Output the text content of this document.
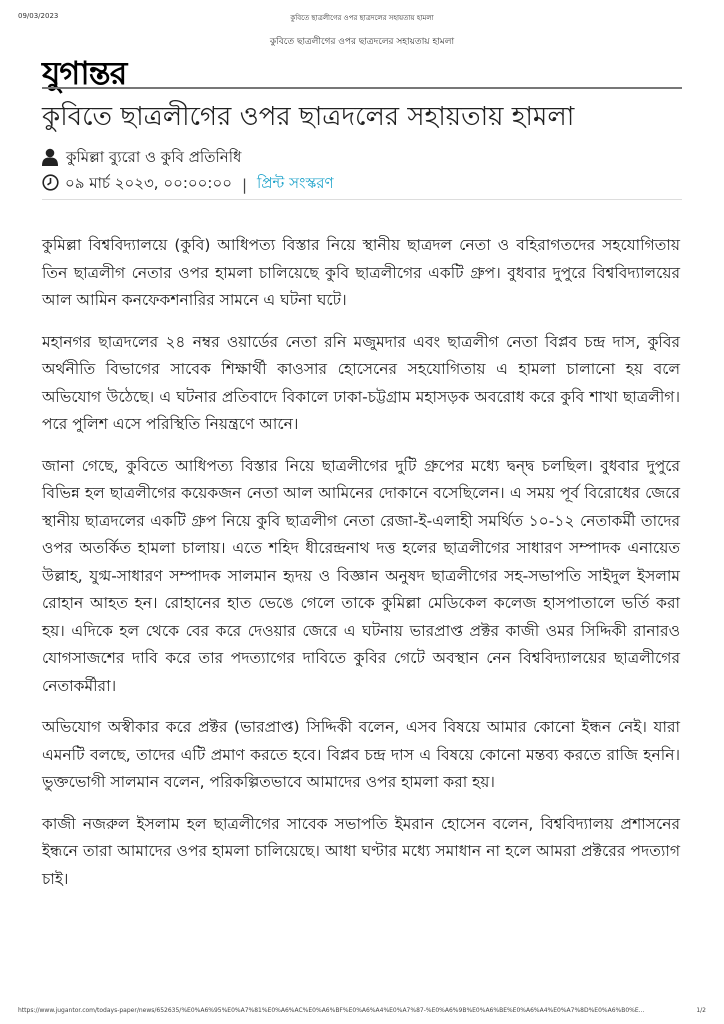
09/03/2023	কুবিতে ছাত্রলীগের ওপর ছাত্রদলের সহায়তায় হামলা
কুবিতে ছাত্রলীগের ওপর ছাত্রদলের সহায়তায় হামলা
যুগান্তর
কুবিতে ছাত্রলীগের ওপর ছাত্রদলের সহায়তায় হামলা
কুমিল্লা ব্যুরো ও কুবি প্রতিনিধি
০৯ মার্চ ২০২৩, ০০:০০:০০ | প্রিন্ট সংস্করণ

কুমিল্লা বিশ্ববিদ্যালয়ে (কুবি) আধিপত্য বিস্তার নিয়ে স্থানীয় ছাত্রদল নেতা ও বহিরাগতদের সহযোগিতায় তিন ছাত্রলীগ নেতার ওপর হামলা চালিয়েছে কুবি ছাত্রলীগের একটি গ্রুপ। বুধবার দুপুরে বিশ্ববিদ্যালয়ের আল আমিন কনফেকশনারির সামনে এ ঘটনা ঘটে।

মহানগর ছাত্রদলের ২৪ নম্বর ওয়ার্ডের নেতা রনি মজুমদার এবং ছাত্রলীগ নেতা বিপ্লব চন্দ্র দাস, কুবির অর্থনীতি বিভাগের সাবেক শিক্ষার্থী কাওসার হোসেনের সহযোগিতায় এ হামলা চালানো হয় বলে অভিযোগ উঠেছে। এ ঘটনার প্রতিবাদে বিকালে ঢাকা-চট্টগ্রাম মহাসড়ক অবরোধ করে কুবি শাখা ছাত্রলীগ। পরে পুলিশ এসে পরিস্থিতি নিয়ন্ত্রণে আনে।

জানা গেছে, কুবিতে আধিপত্য বিস্তার নিয়ে ছাত্রলীগের দুটি গ্রুপের মধ্যে দ্বন্দ্ব চলছিল। বুধবার দুপুরে বিভিন্ন হল ছাত্রলীগের কয়েকজন নেতা আল আমিনের দোকানে বসেছিলেন। এ সময় পূর্ব বিরোধের জেরে স্থানীয় ছাত্রদলের একটি গ্রুপ নিয়ে কুবি ছাত্রলীগ নেতা রেজা-ই-এলাহী সমর্থিত ১০-১২ নেতাকর্মী তাদের ওপর অতর্কিত হামলা চালায়। এতে শহিদ ধীরেন্দ্রনাথ দত্ত হলের ছাত্রলীগের সাধারণ সম্পাদক এনায়েত উল্লাহ, যুগ্ম-সাধারণ সম্পাদক সালমান হৃদয় ও বিজ্ঞান অনুষদ ছাত্রলীগের সহ-সভাপতি সাইদুল ইসলাম রোহান আহত হন। রোহানের হাত ভেঙে গেলে তাকে কুমিল্লা মেডিকেল কলেজ হাসপাতালে ভর্তি করা হয়। এদিকে হল থেকে বের করে দেওয়ার জেরে এ ঘটনায় ভারপ্রাপ্ত প্রক্টর কাজী ওমর সিদ্দিকী রানারও যোগসাজশের দাবি করে তার পদত্যাগের দাবিতে কুবির গেটে অবস্থান নেন বিশ্ববিদ্যালয়ের ছাত্রলীগের নেতাকর্মীরা।

অভিযোগ অস্বীকার করে প্রক্টর (ভারপ্রাপ্ত) সিদ্দিকী বলেন, এসব বিষয়ে আমার কোনো ইন্ধন নেই। যারা এমনটি বলছে, তাদের এটি প্রমাণ করতে হবে। বিপ্লব চন্দ্র দাস এ বিষয়ে কোনো মন্তব্য করতে রাজি হননি। ভুক্তভোগী সালমান বলেন, পরিকল্পিতভাবে আমাদের ওপর হামলা করা হয়।

কাজী নজরুল ইসলাম হল ছাত্রলীগের সাবেক সভাপতি ইমরান হোসেন বলেন, বিশ্ববিদ্যালয় প্রশাসনের ইন্ধনে তারা আমাদের ওপর হামলা চালিয়েছে। আধা ঘণ্টার মধ্যে সমাধান না হলে আমরা প্রক্টরের পদত্যাগ চাই।

https://www.jugantor.com/todays-paper/news/652635/%E0%A6%95%E0%A7%81%E0%A6%AC%E0%A6%BF%E0%A6%A4%E0%A7%87-%E0%A6%9B%E0%A6%BE%E0%A6%A4%E0%A7%8D%E0%A6%B0%E...	1/2
